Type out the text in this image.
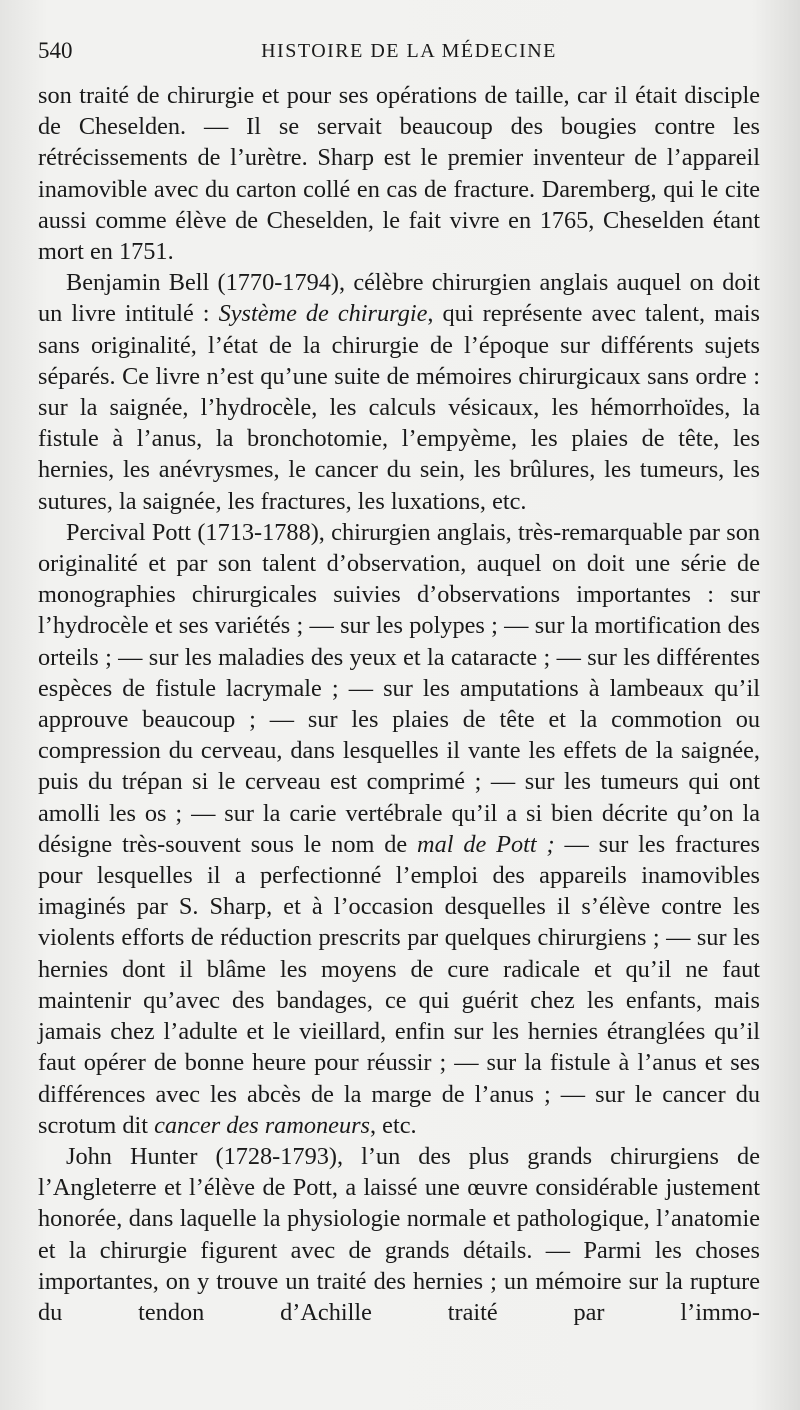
540	HISTOIRE DE LA MÉDECINE

son traité de chirurgie et pour ses opérations de taille, car il était disciple de Cheselden. — Il se servait beaucoup des bougies contre les rétrécissements de l’urètre. Sharp est le premier inventeur de l’appareil inamovible avec du carton collé en cas de fracture. Daremberg, qui le cite aussi comme élève de Cheselden, le fait vivre en 1765, Cheselden étant mort en 1751.

Benjamin Bell (1770-1794), célèbre chirurgien anglais auquel on doit un livre intitulé : Système de chirurgie, qui représente avec talent, mais sans originalité, l’état de la chirurgie de l’époque sur différents sujets séparés. Ce livre n’est qu’une suite de mémoires chirurgicaux sans ordre : sur la saignée, l’hydrocèle, les calculs vésicaux, les hémorrhoïdes, la fistule à l’anus, la bronchotomie, l’empyème, les plaies de tête, les hernies, les anévrysmes, le cancer du sein, les brûlures, les tumeurs, les sutures, la saignée, les fractures, les luxations, etc.

Percival Pott (1713-1788), chirurgien anglais, très-remarquable par son originalité et par son talent d’observation, auquel on doit une série de monographies chirurgicales suivies d’observations importantes : sur l’hydrocèle et ses variétés ; — sur les polypes ; — sur la mortification des orteils ; — sur les maladies des yeux et la cataracte ; — sur les différentes espèces de fistule lacrymale ; — sur les amputations à lambeaux qu’il approuve beaucoup ; — sur les plaies de tête et la commotion ou compression du cerveau, dans lesquelles il vante les effets de la saignée, puis du trépan si le cerveau est comprimé ; — sur les tumeurs qui ont amolli les os ; — sur la carie vertébrale qu’il a si bien décrite qu’on la désigne très-souvent sous le nom de mal de Pott ; — sur les fractures pour lesquelles il a perfectionné l’emploi des appareils inamovibles imaginés par S. Sharp, et à l’occasion desquelles il s’élève contre les violents efforts de réduction prescrits par quelques chirurgiens ; — sur les hernies dont il blâme les moyens de cure radicale et qu’il ne faut maintenir qu’avec des bandages, ce qui guérit chez les enfants, mais jamais chez l’adulte et le vieillard, enfin sur les hernies étranglées qu’il faut opérer de bonne heure pour réussir ; — sur la fistule à l’anus et ses différences avec les abcès de la marge de l’anus ; — sur le cancer du scrotum dit cancer des ramoneurs, etc.

John Hunter (1728-1793), l’un des plus grands chirurgiens de l’Angleterre et l’élève de Pott, a laissé une œuvre considérable justement honorée, dans laquelle la physiologie normale et pathologique, l’anatomie et la chirurgie figurent avec de grands détails. — Parmi les choses importantes, on y trouve un traité des hernies ; un mémoire sur la rupture du tendon d’Achille traité par l’immo-
